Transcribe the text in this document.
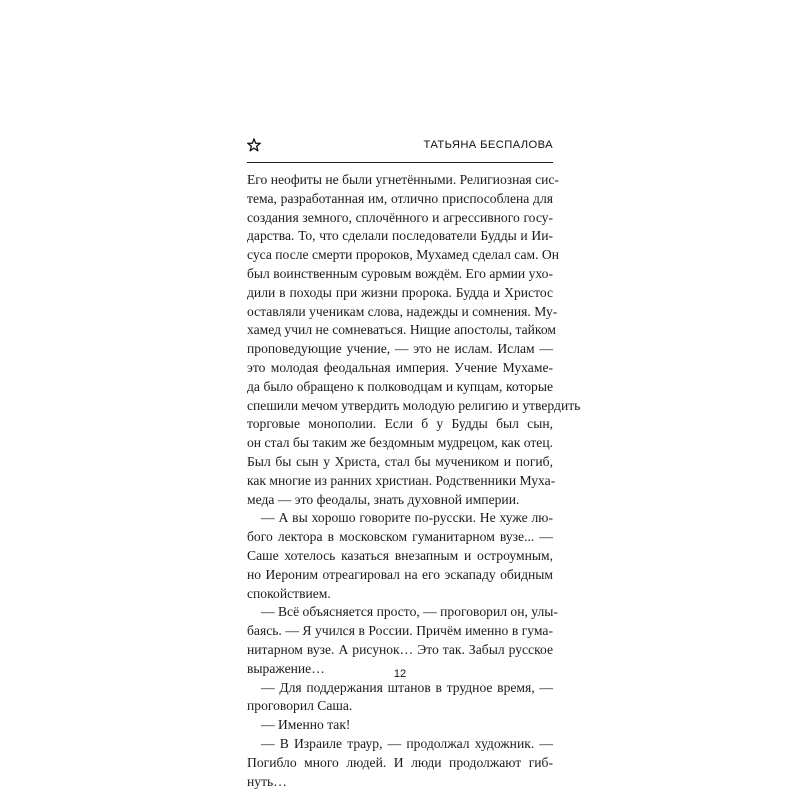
ТАТЬЯНА БЕСПАЛОВА
Его неофиты не были угнетёнными. Религиозная сис-
тема, разработанная им, отлично приспособлена для
создания земного, сплочённого и агрессивного госу-
дарства. То, что сделали последователи Будды и Ии-
суса после смерти пророков, Мухамед сделал сам. Он
был воинственным суровым вождём. Его армии ухо-
дили в походы при жизни пророка. Будда и Христос
оставляли ученикам слова, надежды и сомнения. Му-
хамед учил не сомневаться. Нищие апостолы, тайком
проповедующие учение, — это не ислам. Ислам —
это молодая феодальная империя. Учение Мухаме-
да было обращено к полководцам и купцам, которые
спешили мечом утвердить молодую религию и утвердить
торговые монополии. Если б у Будды был сын,
он стал бы таким же бездомным мудрецом, как отец.
Был бы сын у Христа, стал бы мучеником и погиб,
как многие из ранних христиан. Родственники Муха-
меда — это феодалы, знать духовной империи.
— А вы хорошо говорите по-русски. Не хуже лю-
бого лектора в московском гуманитарном вузе... —
Саше хотелось казаться внезапным и остроумным,
но Иероним отреагировал на его эскападу обидным
спокойствием.
— Всё объясняется просто, — проговорил он, улы-
баясь. — Я учился в России. Причём именно в гума-
нитарном вузе. А рисунок… Это так. Забыл русское
выражение…
— Для поддержания штанов в трудное время, —
проговорил Саша.
— Именно так!
— В Израиле траур, — продолжал художник. —
Погибло много людей. И люди продолжают гиб-
нуть…
12
